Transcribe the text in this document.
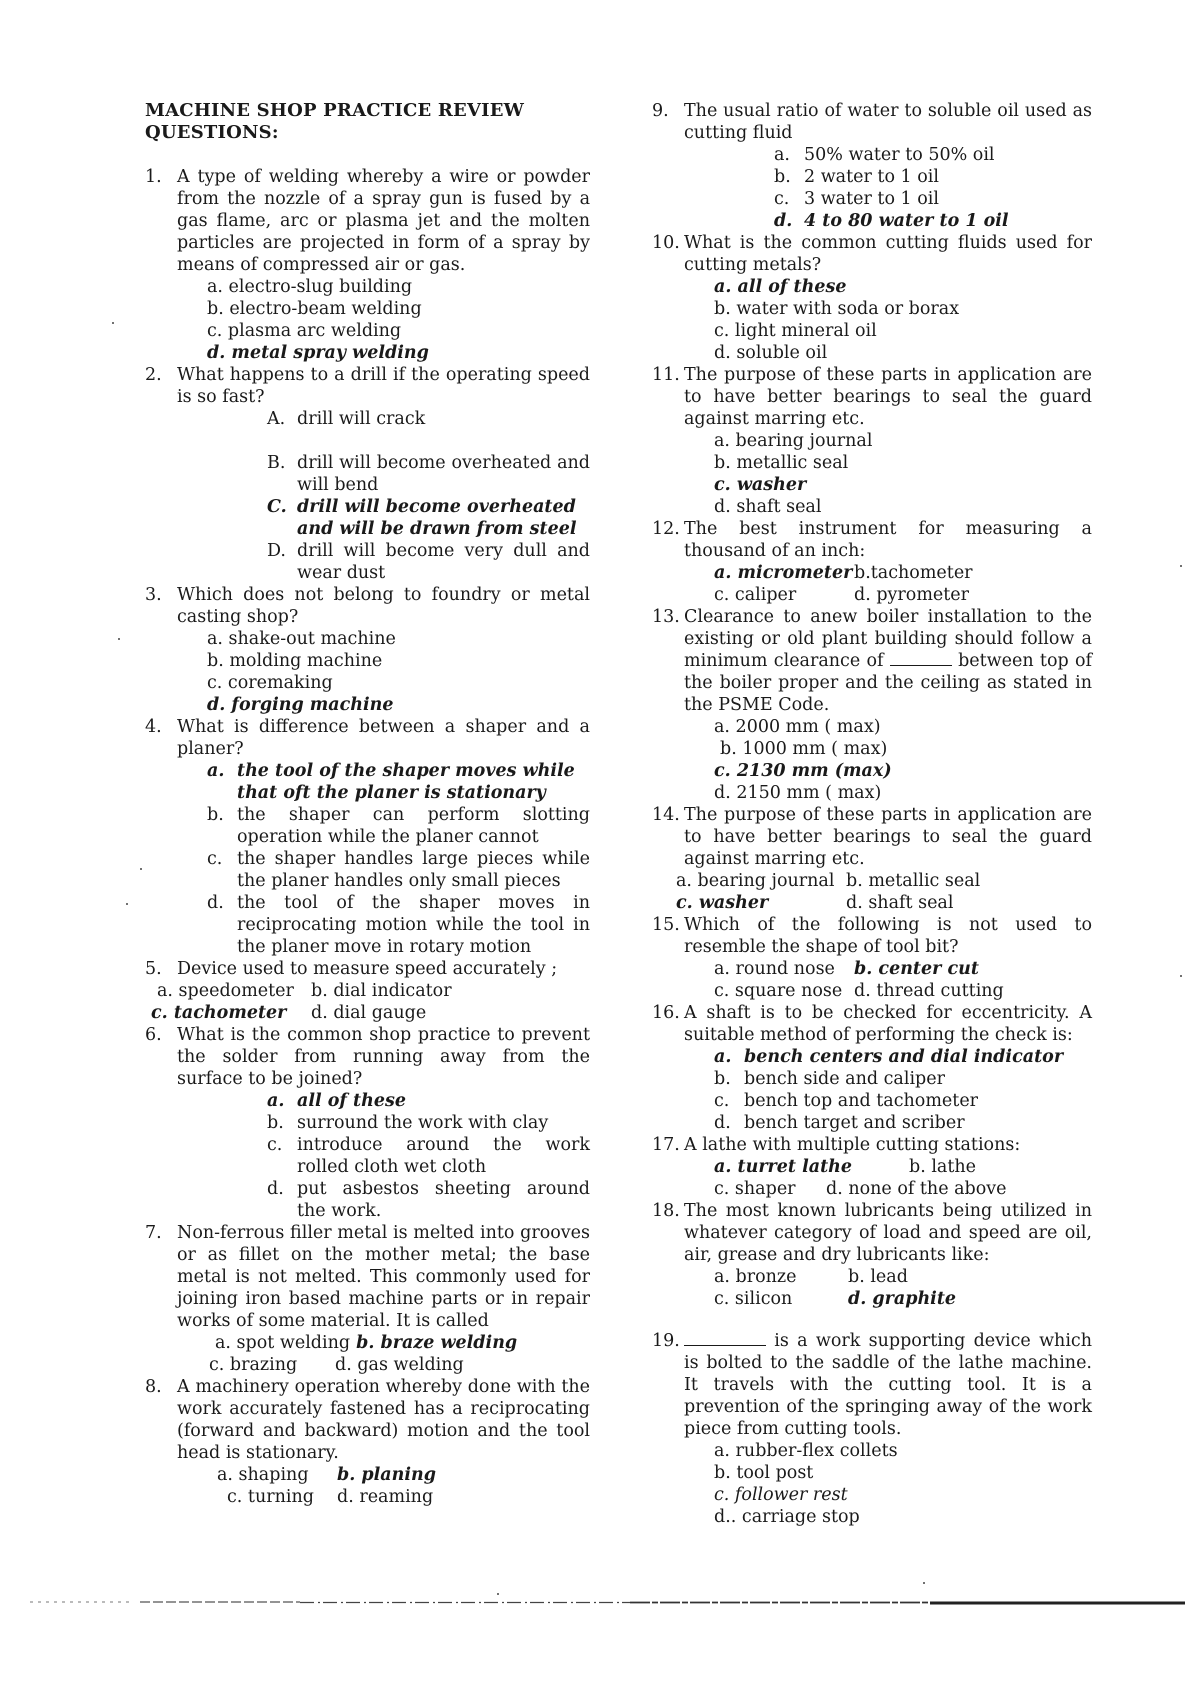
MACHINE SHOP PRACTICE REVIEW
QUESTIONS:
1. A type of welding whereby a wire or powder from the nozzle of a spray gun is fused by a gas flame, arc or plasma jet and the molten particles are projected in form of a spray by means of compressed air or gas.
a. electro-slug building
b. electro-beam welding
c. plasma arc welding
d. metal spray welding
2. What happens to a drill if the operating speed is so fast?
A. drill will crack
B. drill will become overheated and will bend
C. drill will become overheated and will be drawn from steel
D. drill will become very dull and wear dust
3. Which does not belong to foundry or metal casting shop?
a. shake-out machine
b. molding machine
c. coremaking
d. forging machine
4. What is difference between a shaper and a planer?
a. the tool of the shaper moves while that oft the planer is stationary
b. the shaper can perform slotting operation while the planer cannot
c. the shaper handles large pieces while the planer handles only small pieces
d. the tool of the shaper moves in reciprocating motion while the tool in the planer move in rotary motion
5. Device used to measure speed accurately ;
a. speedometer b. dial indicator
c. tachometer	d. dial gauge
6. What is the common shop practice to prevent the solder from running away from the surface to be joined?
a. all of these
b. surround the work with clay
c. introduce around the work rolled cloth wet cloth
d. put asbestos sheeting around the work.
7. Non-ferrous filler metal is melted into grooves or as fillet on the mother metal; the base metal is not melted. This commonly used for joining iron based machine parts or in repair works of some material. It is called
a. spot welding b. braze welding
c. brazing	d. gas welding
8. A machinery operation whereby done with the work accurately fastened has a reciprocating (forward and backward) motion and the tool head is stationary.
a. shaping	b. planing
c. turning	d. reaming
9. The usual ratio of water to soluble oil used as cutting fluid
a. 50% water to 50% oil
b. 2 water to 1 oil
c. 3 water to 1 oil
d. 4 to 80 water to 1 oil
10. What is the common cutting fluids used for cutting metals?
a. all of these
b. water with soda or borax
c. light mineral oil
d. soluble oil
11. The purpose of these parts in application are to have better bearings to seal the guard against marring etc.
a. bearing journal
b. metallic seal
c. washer
d. shaft seal
12. The best instrument for measuring a thousand of an inch:
a. micrometer b.tachometer
c. caliper	d. pyrometer
13. Clearance to anew boiler installation to the existing or old plant building should follow a minimum clearance of	between top of the boiler proper and the ceiling as stated in the PSME Code.
a. 2000 mm ( max)
b. 1000 mm ( max)
c. 2130 mm (max)
d. 2150 mm ( max)
14. The purpose of these parts in application are to have better bearings to seal the guard against marring etc.
a. bearing journal b. metallic seal
c. washer	d. shaft seal
15. Which of the following is not used to resemble the shape of tool bit?
a. round nose	b. center cut
c. square nose d. thread cutting
16. A shaft is to be checked for eccentricity. A suitable method of performing the check is:
a. bench centers and dial indicator
b. bench side and caliper
c. bench top and tachometer
d. bench target and scriber
17. A lathe with multiple cutting stations:
a. turret lathe	b. lathe
c. shaper	d. none of the above
18. The most known lubricants being utilized in whatever category of load and speed are oil, air, grease and dry lubricants like:
a. bronze	b. lead
c. silicon	d. graphite
19.	is a work supporting device which is bolted to the saddle of the lathe machine. It travels with the cutting tool. It is a prevention of the springing away of the work piece from cutting tools.
a. rubber-flex collets
b. tool post
c. follower rest
d.. carriage stop
